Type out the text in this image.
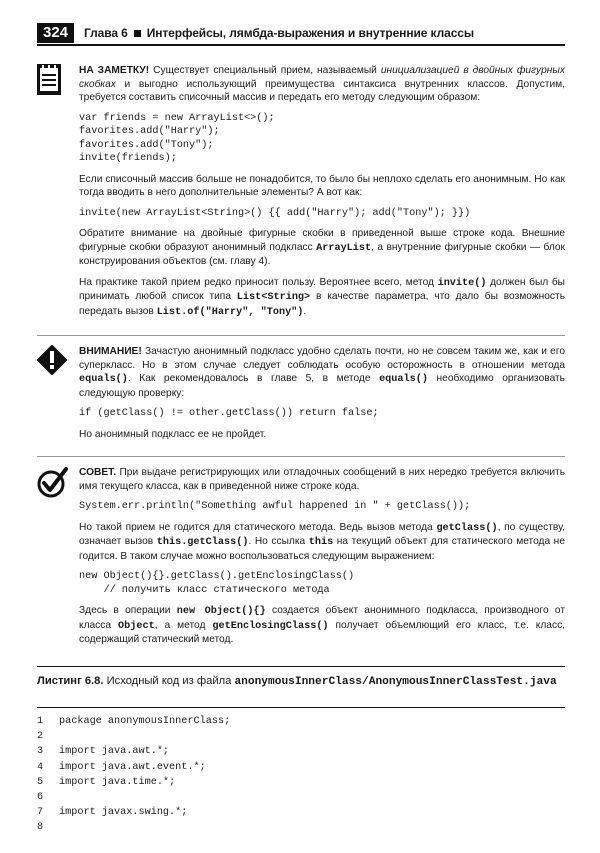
324	Глава 6 Интерфейсы, лямбда-выражения и внутренние классы

НА ЗАМЕТКУ! Существует специальный прием, называемый инициализацией в двойных фигурных скобках и выгодно использующий преимущества синтаксиса внутренних классов. Допустим, требуется составить списочный массив и передать его методу следующим образом:

var friends = new ArrayList<>();
favorites.add("Harry");
favorites.add("Tony");
invite(friends);

Если списочный массив больше не понадобится, то было бы неплохо сделать его анонимным. Но как тогда вводить в него дополнительные элементы? А вот как:

invite(new ArrayList<String>() {{ add("Harry"); add("Tony"); }})

Обратите внимание на двойные фигурные скобки в приведенной выше строке кода. Внешние фигурные скобки образуют анонимный подкласс ArrayList, а внутренние фигурные скобки — блок конструирования объектов (см. главу 4).

На практике такой прием редко приносит пользу. Вероятнее всего, метод invite() должен был бы принимать любой список типа List<String> в качестве параметра, что дало бы возможность передать вызов List.of("Harry", "Tony").

ВНИМАНИЕ! Зачастую анонимный подкласс удобно сделать почти, но не совсем таким же, как и его суперкласс. Но в этом случае следует соблюдать особую осторожность в отношении метода equals(). Как рекомендовалось в главе 5, в методе equals() необходимо организовать следующую проверку:

if (getClass() != other.getClass()) return false;

Но анонимный подкласс ее не пройдет.

СОВЕТ. При выдаче регистрирующих или отладочных сообщений в них нередко требуется включить имя текущего класса, как в приведенной ниже строке кода.

System.err.println("Something awful happened in " + getClass());

Но такой прием не годится для статического метода. Ведь вызов метода getClass(), по существу, означает вызов this.getClass(). Но ссылка this на текущий объект для статического метода не годится. В таком случае можно воспользоваться следующим выражением:

new Object(){}.getClass().getEnclosingClass()
// получить класс статического метода

Здесь в операции new Object(){} создается объект анонимного подкласса, производного от класса Object, а метод getEnclosingClass() получает объемлющий его класс, т.е. класс, содержащий статический метод.

Листинг 6.8. Исходный код из файла anonymousInnerClass/AnonymousInnerClassTest.java
1	package anonymousInnerClass;
2
3	import java.awt.*;
4	import java.awt.event.*;
5	import java.time.*;
6
7	import javax.swing.*;
8
